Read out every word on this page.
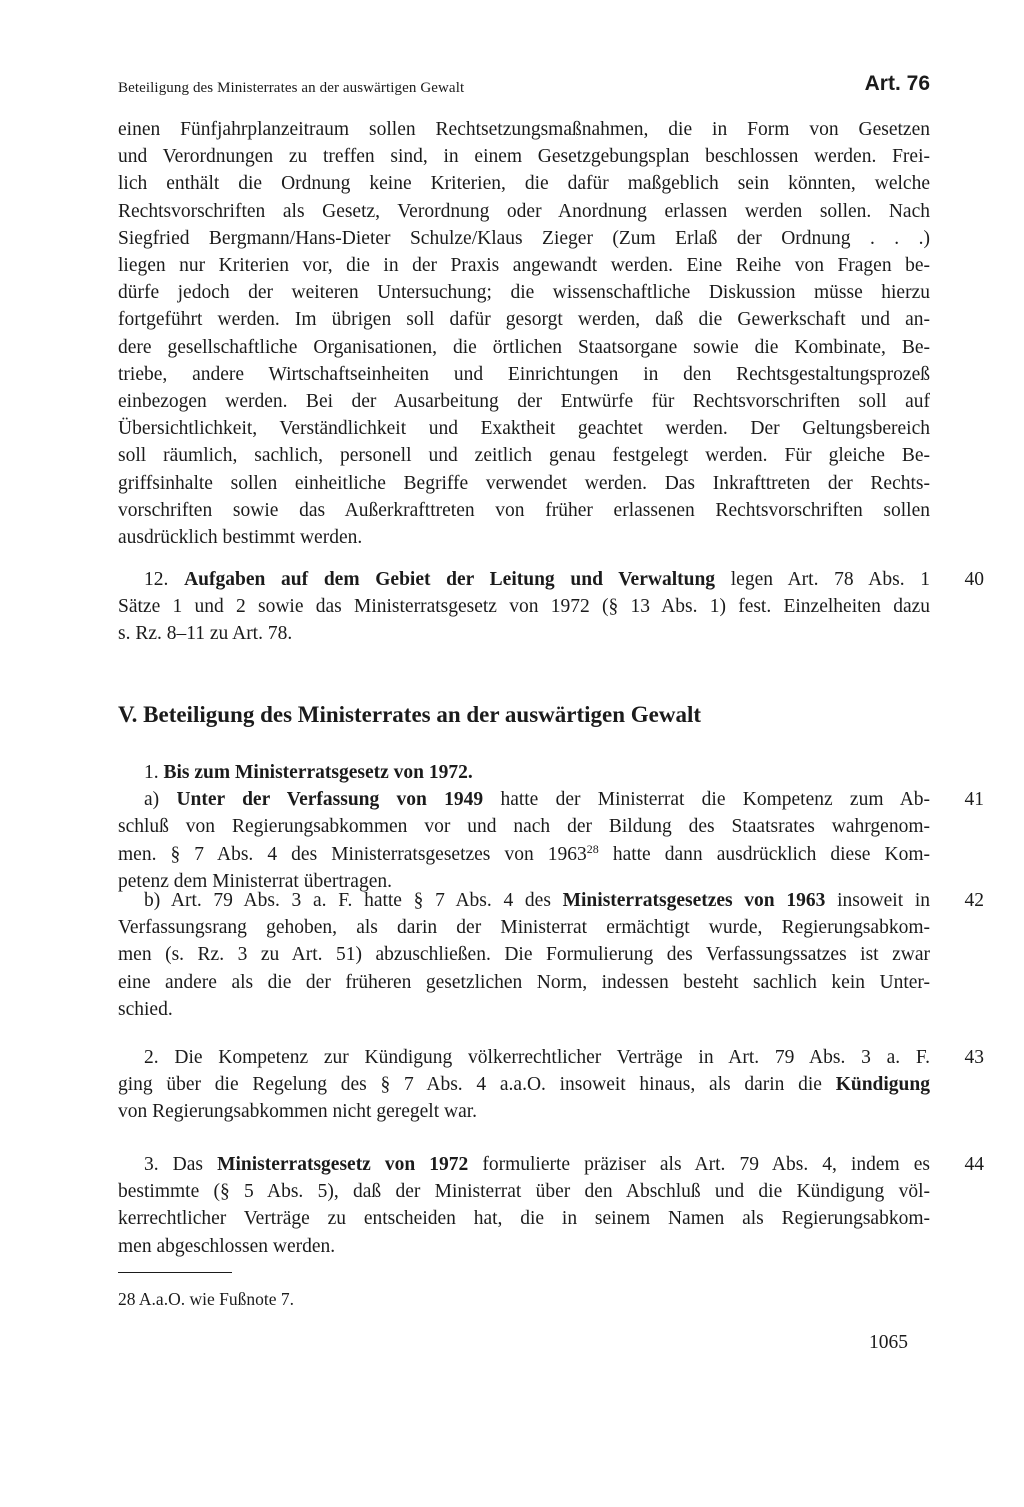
Beteiligung des Ministerrates an der auswärtigen Gewalt	Art. 76
einen Fünfjahrplanzeitraum sollen Rechtsetzungsmaßnahmen, die in Form von Gesetzen
und Verordnungen zu treffen sind, in einem Gesetzgebungsplan beschlossen werden. Frei-
lich enthält die Ordnung keine Kriterien, die dafür maßgeblich sein könnten, welche
Rechtsvorschriften als Gesetz, Verordnung oder Anordnung erlassen werden sollen. Nach
Siegfried Bergmann/Hans-Dieter Schulze/Klaus Zieger (Zum Erlaß der Ordnung . . .)
liegen nur Kriterien vor, die in der Praxis angewandt werden. Eine Reihe von Fragen be-
dürfe jedoch der weiteren Untersuchung; die wissenschaftliche Diskussion müsse hierzu
fortgeführt werden. Im übrigen soll dafür gesorgt werden, daß die Gewerkschaft und an-
dere gesellschaftliche Organisationen, die örtlichen Staatsorgane sowie die Kombinate, Be-
triebe, andere Wirtschaftseinheiten und Einrichtungen in den Rechtsgestaltungsprozeß
einbezogen werden. Bei der Ausarbeitung der Entwürfe für Rechtsvorschriften soll auf
Übersichtlichkeit, Verständlichkeit und Exaktheit geachtet werden. Der Geltungsbereich
soll räumlich, sachlich, personell und zeitlich genau festgelegt werden. Für gleiche Be-
griffsinhalte sollen einheitliche Begriffe verwendet werden. Das Inkrafttreten der Rechts-
vorschriften sowie das Außerkrafttreten von früher erlassenen Rechtsvorschriften sollen
ausdrücklich bestimmt werden.
12. Aufgaben auf dem Gebiet der Leitung und Verwaltung legen Art. 78 Abs. 1
Sätze 1 und 2 sowie das Ministerratsgesetz von 1972 (§ 13 Abs. 1) fest. Einzelheiten dazu
s. Rz. 8–11 zu Art. 78.
40
V. Beteiligung des Ministerrates an der auswärtigen Gewalt
1. Bis zum Ministerratsgesetz von 1972.
a) Unter der Verfassung von 1949 hatte der Ministerrat die Kompetenz zum Ab-
schluß von Regierungsabkommen vor und nach der Bildung des Staatsrates wahrgenom-
men. § 7 Abs. 4 des Ministerratsgesetzes von 1963$^{28}$ hatte dann ausdrücklich diese Kom-
petenz dem Ministerrat übertragen.
41
b) Art. 79 Abs. 3 a. F. hatte § 7 Abs. 4 des Ministerratsgesetzes von 1963 insoweit in
Verfassungsrang gehoben, als darin der Ministerrat ermächtigt wurde, Regierungsabkom-
men (s. Rz. 3 zu Art. 51) abzuschließen. Die Formulierung des Verfassungssatzes ist zwar
eine andere als die der früheren gesetzlichen Norm, indessen besteht sachlich kein Unter-
schied.
42
2. Die Kompetenz zur Kündigung völkerrechtlicher Verträge in Art. 79 Abs. 3 a. F.
ging über die Regelung des § 7 Abs. 4 a.a.O. insoweit hinaus, als darin die Kündigung
von Regierungsabkommen nicht geregelt war.
43
3. Das Ministerratsgesetz von 1972 formulierte präziser als Art. 79 Abs. 4, indem es
bestimmte (§ 5 Abs. 5), daß der Ministerrat über den Abschluß und die Kündigung völ-
kerrechtlicher Verträge zu entscheiden hat, die in seinem Namen als Regierungsabkom-
men abgeschlossen werden.
44
28 A.a.O. wie Fußnote 7.
1065
